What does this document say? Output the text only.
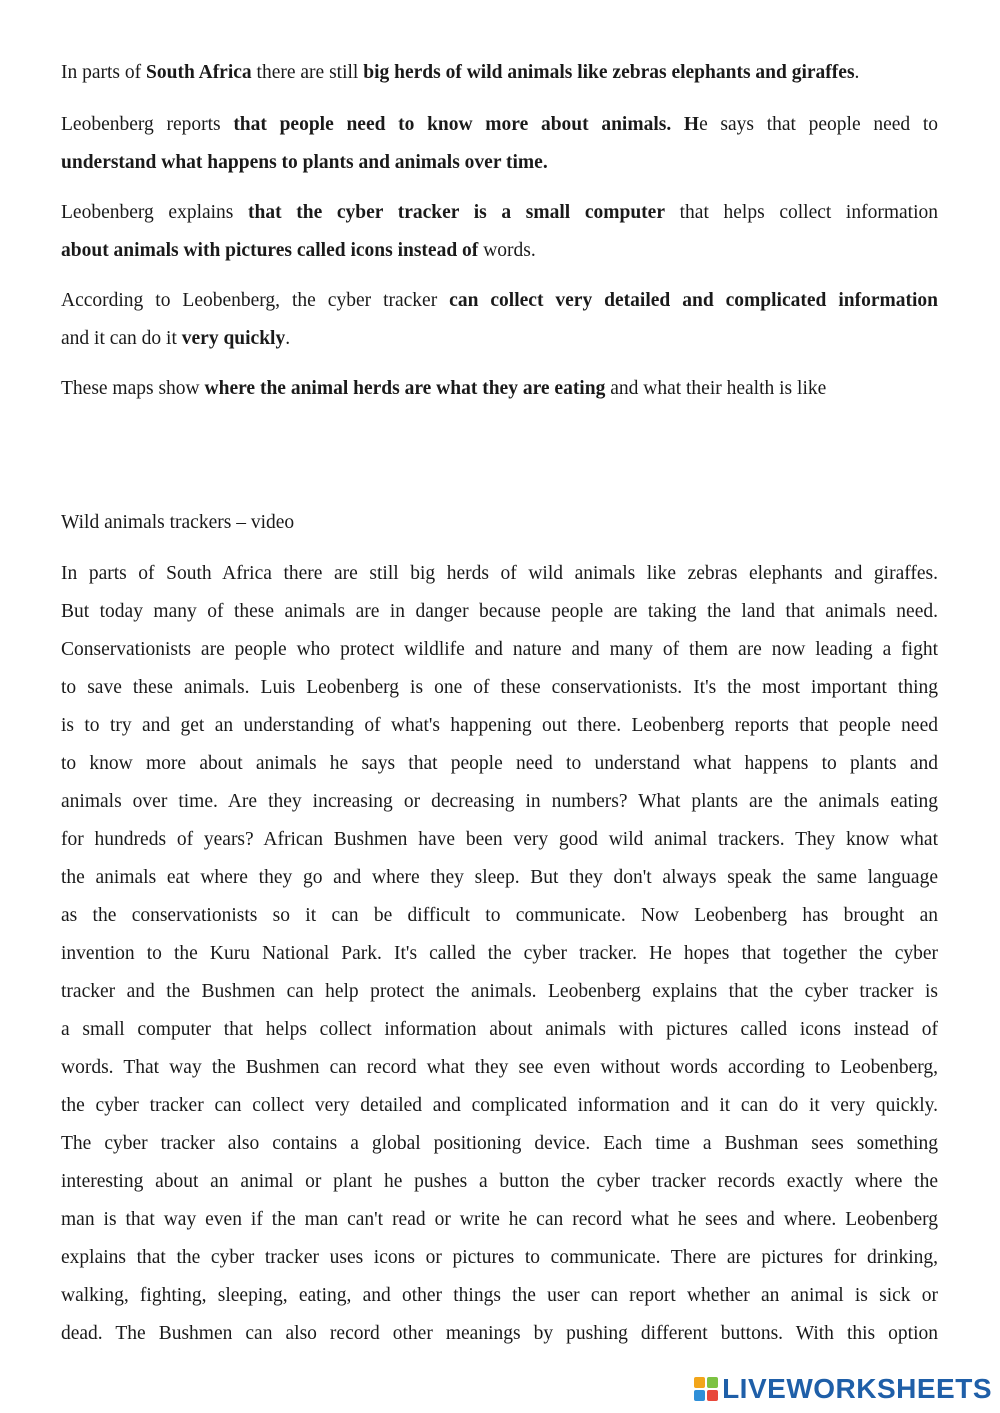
In parts of South Africa there are still big herds of wild animals like zebras elephants and giraffes.
Leobenberg reports that people need to know more about animals. He says that people need to
understand what happens to plants and animals over time.
Leobenberg explains that the cyber tracker is a small computer that helps collect information
about animals with pictures called icons instead of words.
According to Leobenberg, the cyber tracker can collect very detailed and complicated information
and it can do it very quickly.
These maps show where the animal herds are what they are eating and what their health is like
Wild animals trackers – video
In parts of South Africa there are still big herds of wild animals like zebras elephants and giraffes.
But today many of these animals are in danger because people are taking the land that animals need.
Conservationists are people who protect wildlife and nature and many of them are now leading a fight
to save these animals. Luis Leobenberg is one of these conservationists. It's the most important thing
is to try and get an understanding of what's happening out there. Leobenberg reports that people need
to know more about animals he says that people need to understand what happens to plants and
animals over time. Are they increasing or decreasing in numbers? What plants are the animals eating
for hundreds of years? African Bushmen have been very good wild animal trackers. They know what
the animals eat where they go and where they sleep. But they don't always speak the same language
as the conservationists so it can be difficult to communicate. Now Leobenberg has brought an
invention to the Kuru National Park. It's called the cyber tracker. He hopes that together the cyber
tracker and the Bushmen can help protect the animals. Leobenberg explains that the cyber tracker is
a small computer that helps collect information about animals with pictures called icons instead of
words. That way the Bushmen can record what they see even without words according to Leobenberg,
the cyber tracker can collect very detailed and complicated information and it can do it very quickly.
The cyber tracker also contains a global positioning device. Each time a Bushman sees something
interesting about an animal or plant he pushes a button the cyber tracker records exactly where the
man is that way even if the man can't read or write he can record what he sees and where. Leobenberg
explains that the cyber tracker uses icons or pictures to communicate. There are pictures for drinking,
walking, fighting, sleeping, eating, and other things the user can report whether an animal is sick or
dead. The Bushmen can also record other meanings by pushing different buttons. With this option
LIVEWORKSHEETS
